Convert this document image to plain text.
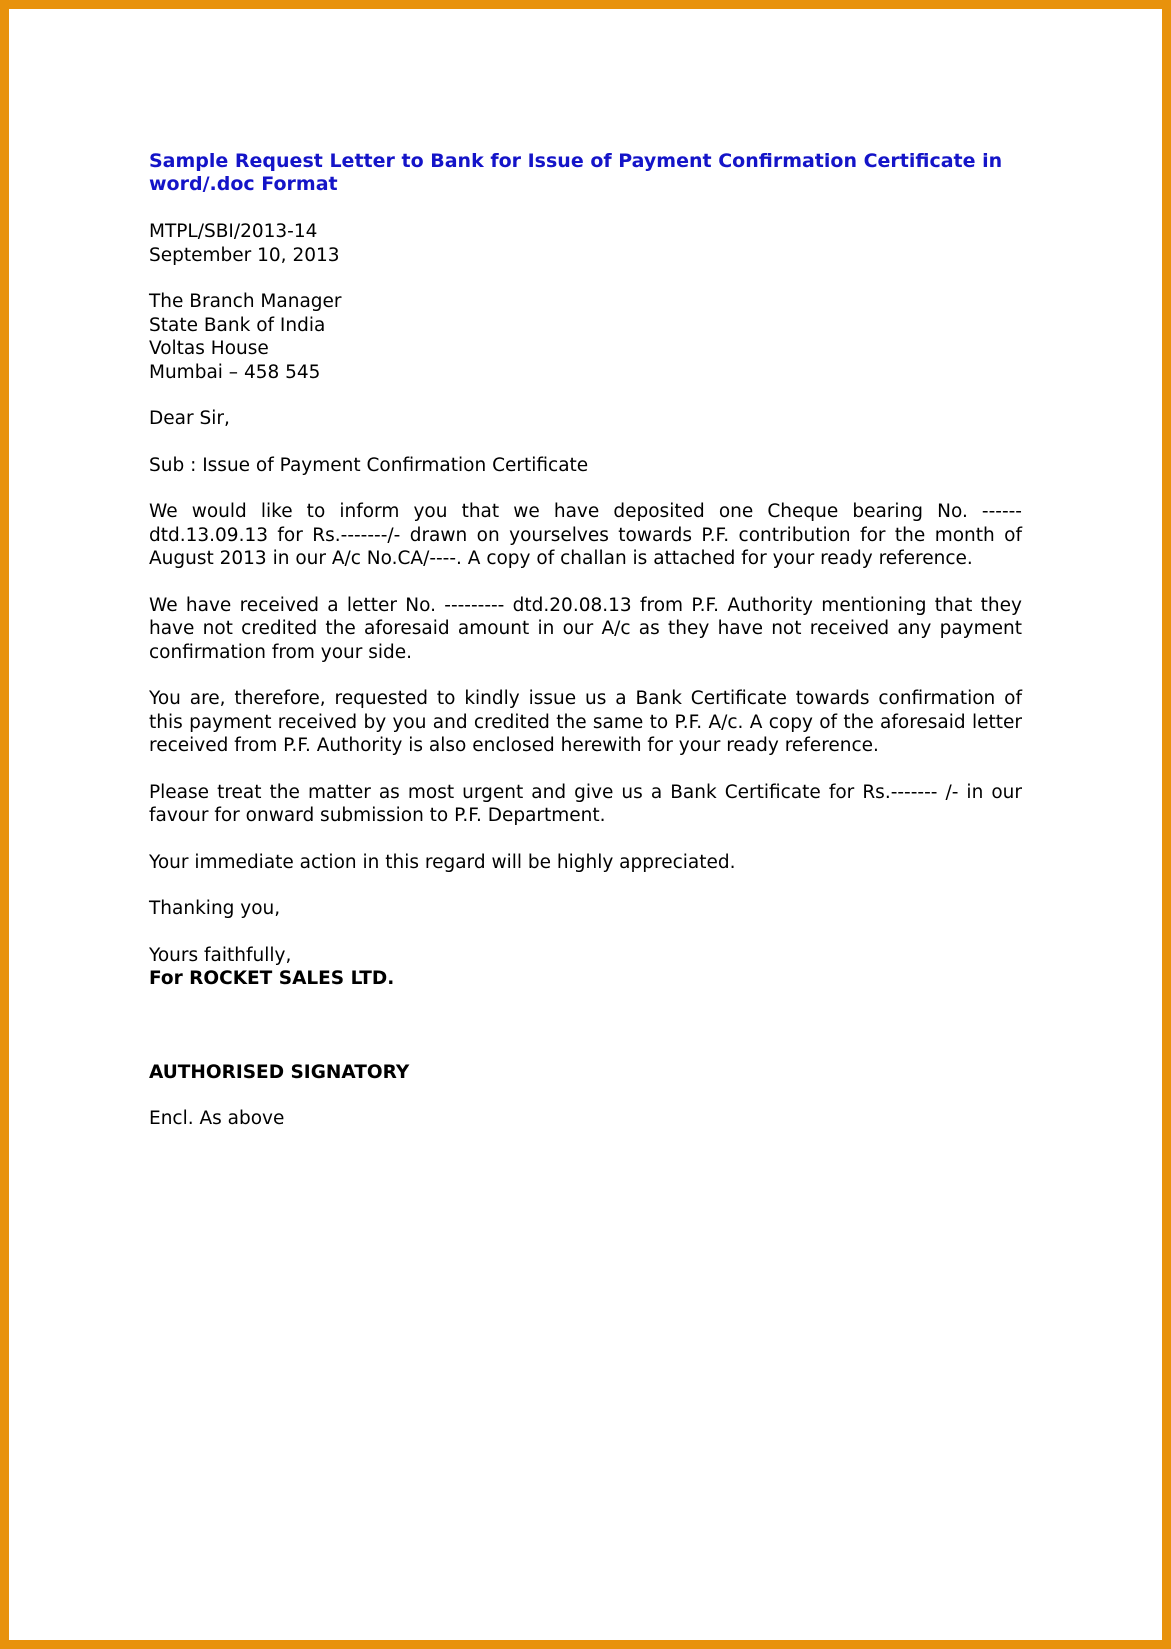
Sample Request Letter to Bank for Issue of Payment Confirmation Certificate in word/.doc Format
MTPL/SBI/2013-14
September 10, 2013
The Branch Manager
State Bank of India
Voltas House
Mumbai – 458 545
Dear Sir,
Sub : Issue of Payment Confirmation Certificate

We would like to inform you that we have deposited one Cheque bearing No. ------ dtd.13.09.13 for Rs.-------/- drawn on yourselves towards P.F. contribution for the month of August 2013 in our A/c No.CA/----. A copy of challan is attached for your ready reference.

We have received a letter No. --------- dtd.20.08.13 from P.F. Authority mentioning that they have not credited the aforesaid amount in our A/c as they have not received any payment confirmation from your side.

You are, therefore, requested to kindly issue us a Bank Certificate towards confirmation of this payment received by you and credited the same to P.F. A/c. A copy of the aforesaid letter received from P.F. Authority is also enclosed herewith for your ready reference.

Please treat the matter as most urgent and give us a Bank Certificate for Rs.------- /- in our favour for onward submission to P.F. Department.

Your immediate action in this regard will be highly appreciated.

Thanking you,
Yours faithfully,
For ROCKET SALES LTD.
AUTHORISED SIGNATORY
Encl. As above
